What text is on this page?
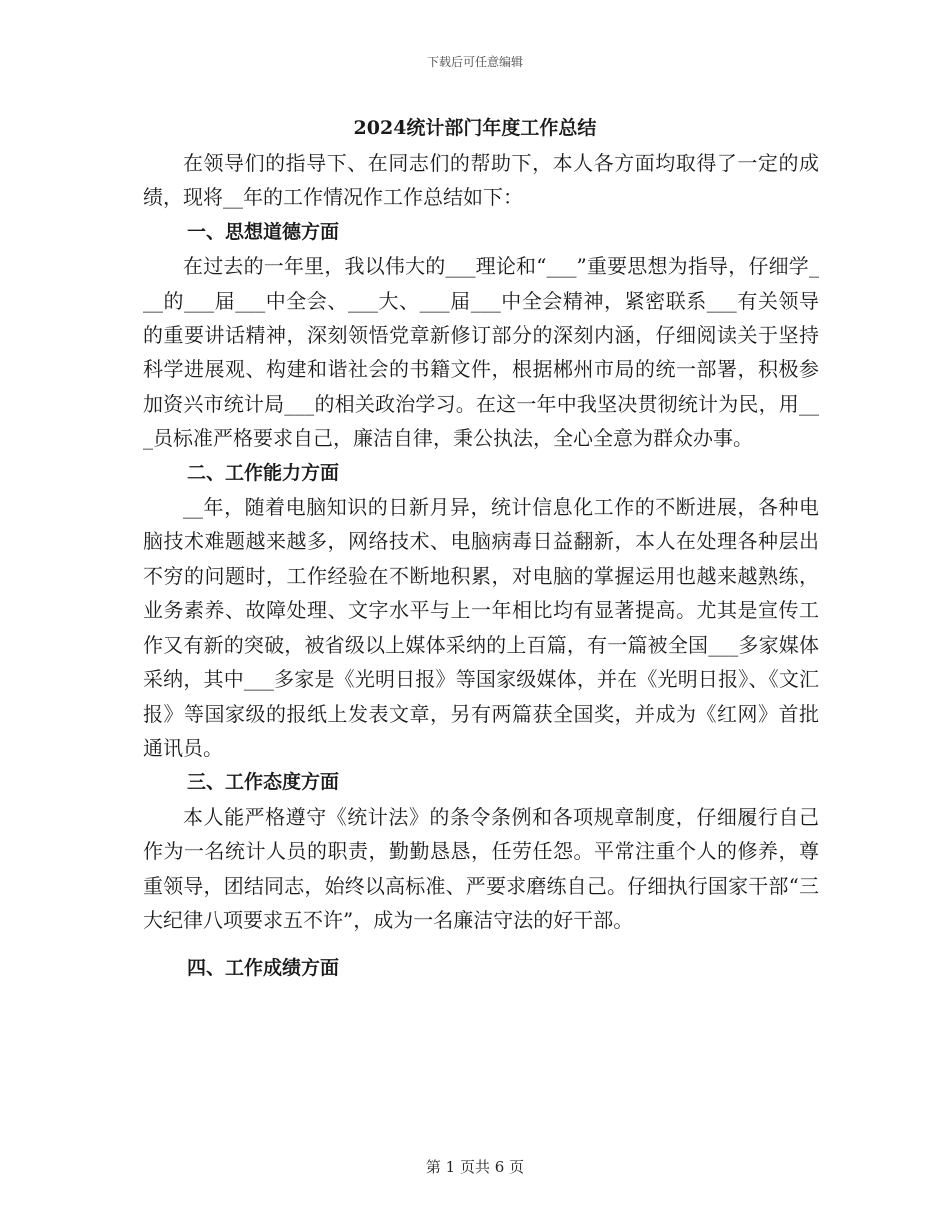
下载后可任意编辑
2024统计部门年度工作总结

在领导们的指导下、在同志们的帮助下，本人各方面均取得了一定的成绩，现将__年的工作情况作工作总结如下：

一、思想道德方面

在过去的一年里，我以伟大的___理论和“___”重要思想为指导，仔细学___的___届___中全会、___大、___届___中全会精神，紧密联系___有关领导的重要讲话精神，深刻领悟党章新修订部分的深刻内涵，仔细阅读关于坚持科学进展观、构建和谐社会的书籍文件，根据郴州市局的统一部署，积极参加资兴市统计局___的相关政治学习。在这一年中我坚决贯彻统计为民，用___员标准严格要求自己，廉洁自律，秉公执法，全心全意为群众办事。

二、工作能力方面

__年，随着电脑知识的日新月异，统计信息化工作的不断进展，各种电脑技术难题越来越多，网络技术、电脑病毒日益翻新，本人在处理各种层出不穷的问题时，工作经验在不断地积累，对电脑的掌握运用也越来越熟练，业务素养、故障处理、文字水平与上一年相比均有显著提高。尤其是宣传工作又有新的突破，被省级以上媒体采纳的上百篇，有一篇被全国___多家媒体采纳，其中___多家是《光明日报》等国家级媒体，并在《光明日报》、《文汇报》等国家级的报纸上发表文章，另有两篇获全国奖，并成为《红网》首批通讯员。

三、工作态度方面

本人能严格遵守《统计法》的条令条例和各项规章制度，仔细履行自己作为一名统计人员的职责，勤勤恳恳，任劳任怨。平常注重个人的修养，尊重领导，团结同志，始终以高标准、严要求磨练自己。仔细执行国家干部“三大纪律八项要求五不许”，成为一名廉洁守法的好干部。

四、工作成绩方面
第 1 页共 6 页
